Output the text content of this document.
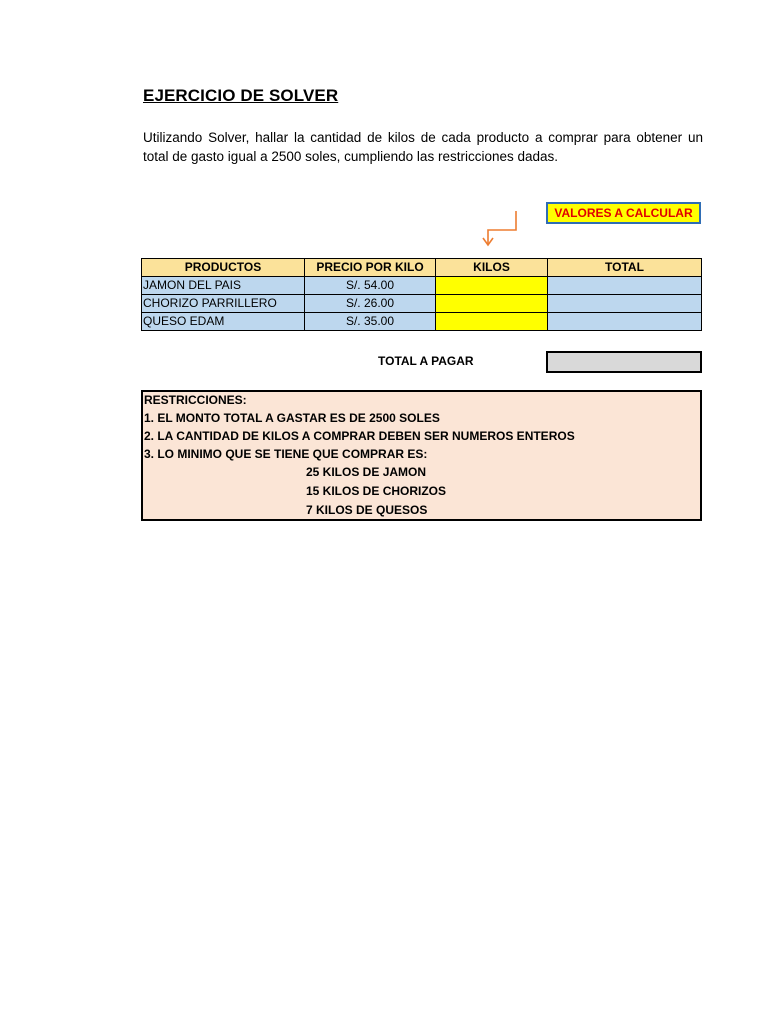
EJERCICIO DE SOLVER
Utilizando Solver, hallar la cantidad de kilos de cada producto a comprar para obtener un total de gasto igual a 2500 soles, cumpliendo las restricciones dadas.
VALORES A CALCULAR
PRODUCTOS	PRECIO POR KILO	KILOS	TOTAL
JAMON DEL PAIS	S/. 54.00		
CHORIZO PARRILLERO	S/. 26.00		
QUESO EDAM	S/. 35.00		
TOTAL A PAGAR
RESTRICCIONES:
1. EL MONTO TOTAL A GASTAR ES DE 2500 SOLES
2. LA CANTIDAD DE KILOS A COMPRAR DEBEN SER NUMEROS ENTEROS
3. LO MINIMO QUE SE TIENE QUE COMPRAR ES:
25 KILOS DE JAMON
15 KILOS DE CHORIZOS
7 KILOS DE QUESOS
